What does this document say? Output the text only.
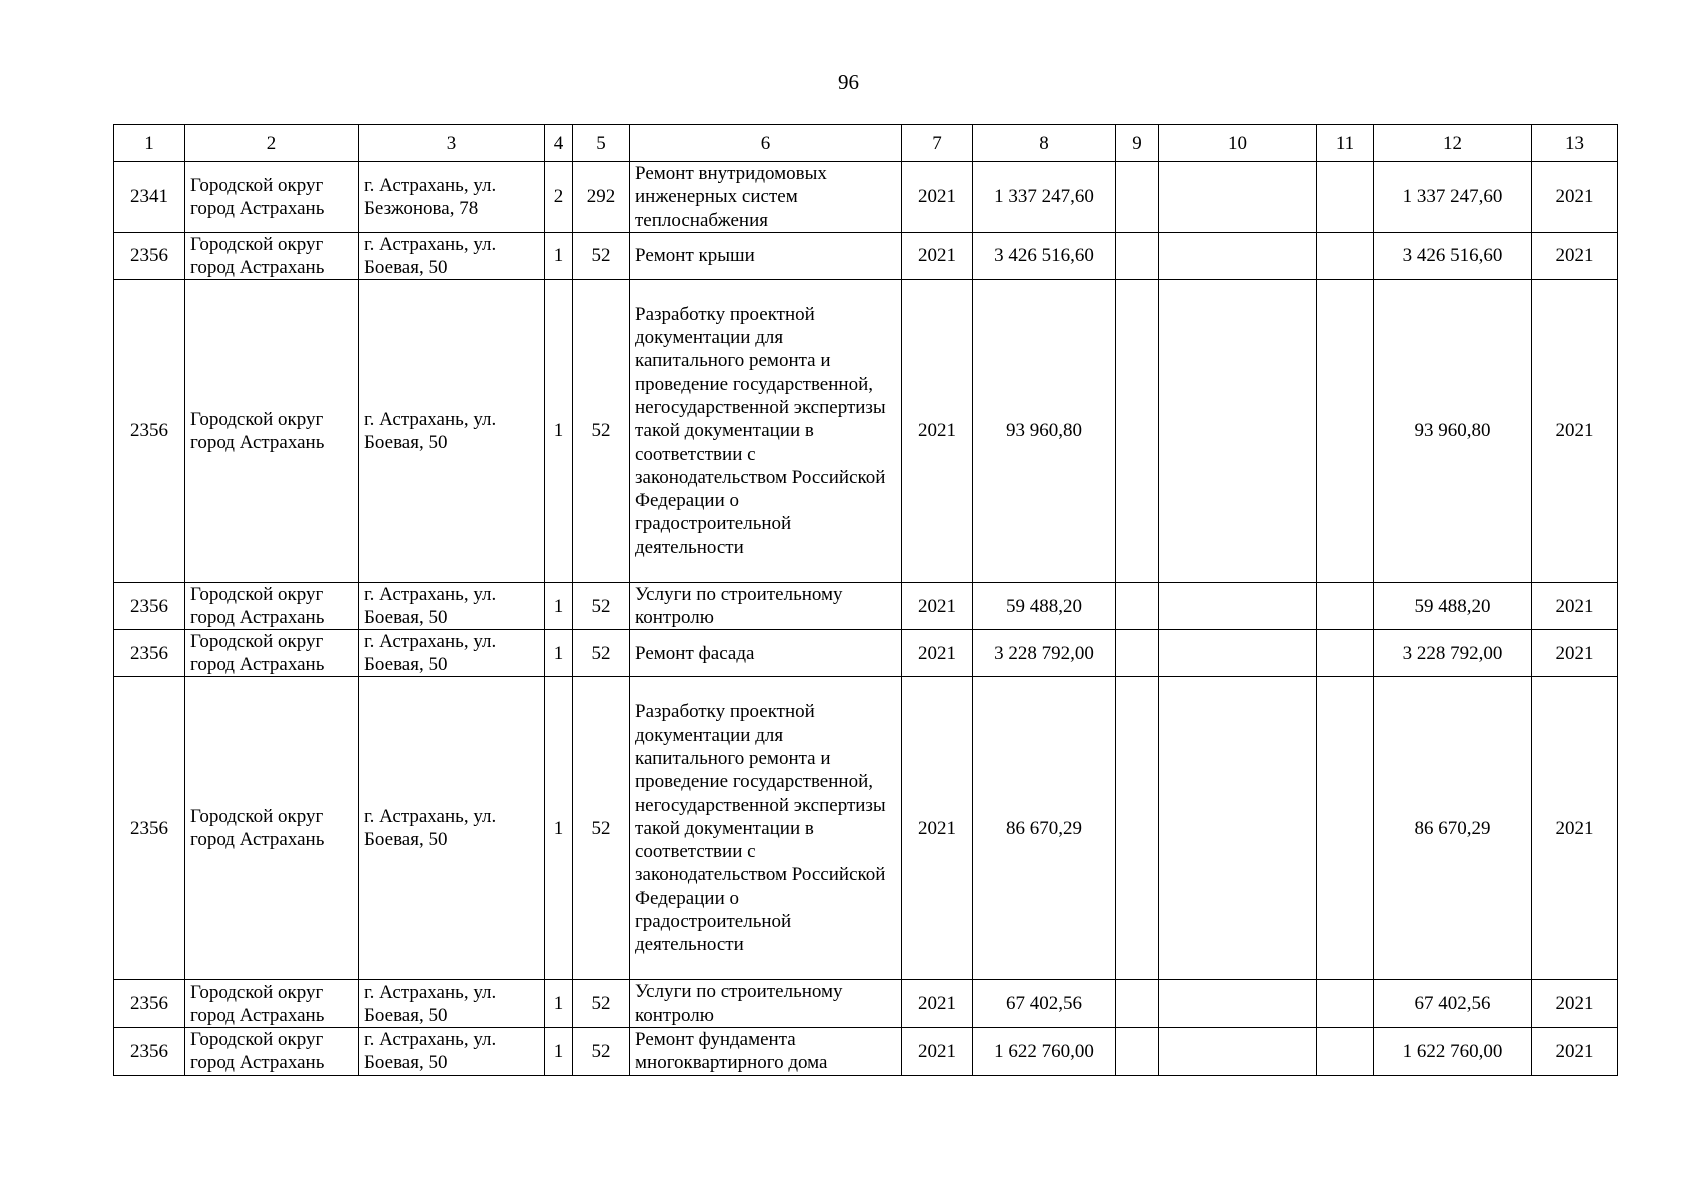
96
1	2	3	4	5	6	7	8	9	10	11	12	13
2341	Городской округ город Астрахань	г. Астрахань, ул. Безжонова, 78	2	292	Ремонт внутридомовых инженерных систем теплоснабжения	2021	1 337 247,60				1 337 247,60	2021
2356	Городской округ город Астрахань	г. Астрахань, ул. Боевая, 50	1	52	Ремонт крыши	2021	3 426 516,60				3 426 516,60	2021
2356	Городской округ город Астрахань	г. Астрахань, ул. Боевая, 50	1	52	Разработку проектной документации для капитального ремонта и проведение государственной, негосударственной экспертизы такой документации в соответствии с законодательством Российской Федерации о градостроительной деятельности	2021	93 960,80				93 960,80	2021
2356	Городской округ город Астрахань	г. Астрахань, ул. Боевая, 50	1	52	Услуги по строительному контролю	2021	59 488,20				59 488,20	2021
2356	Городской округ город Астрахань	г. Астрахань, ул. Боевая, 50	1	52	Ремонт фасада	2021	3 228 792,00				3 228 792,00	2021
2356	Городской округ город Астрахань	г. Астрахань, ул. Боевая, 50	1	52	Разработку проектной документации для капитального ремонта и проведение государственной, негосударственной экспертизы такой документации в соответствии с законодательством Российской Федерации о градостроительной деятельности	2021	86 670,29				86 670,29	2021
2356	Городской округ город Астрахань	г. Астрахань, ул. Боевая, 50	1	52	Услуги по строительному контролю	2021	67 402,56				67 402,56	2021
2356	Городской округ город Астрахань	г. Астрахань, ул. Боевая, 50	1	52	Ремонт фундамента многоквартирного дома	2021	1 622 760,00				1 622 760,00	2021
